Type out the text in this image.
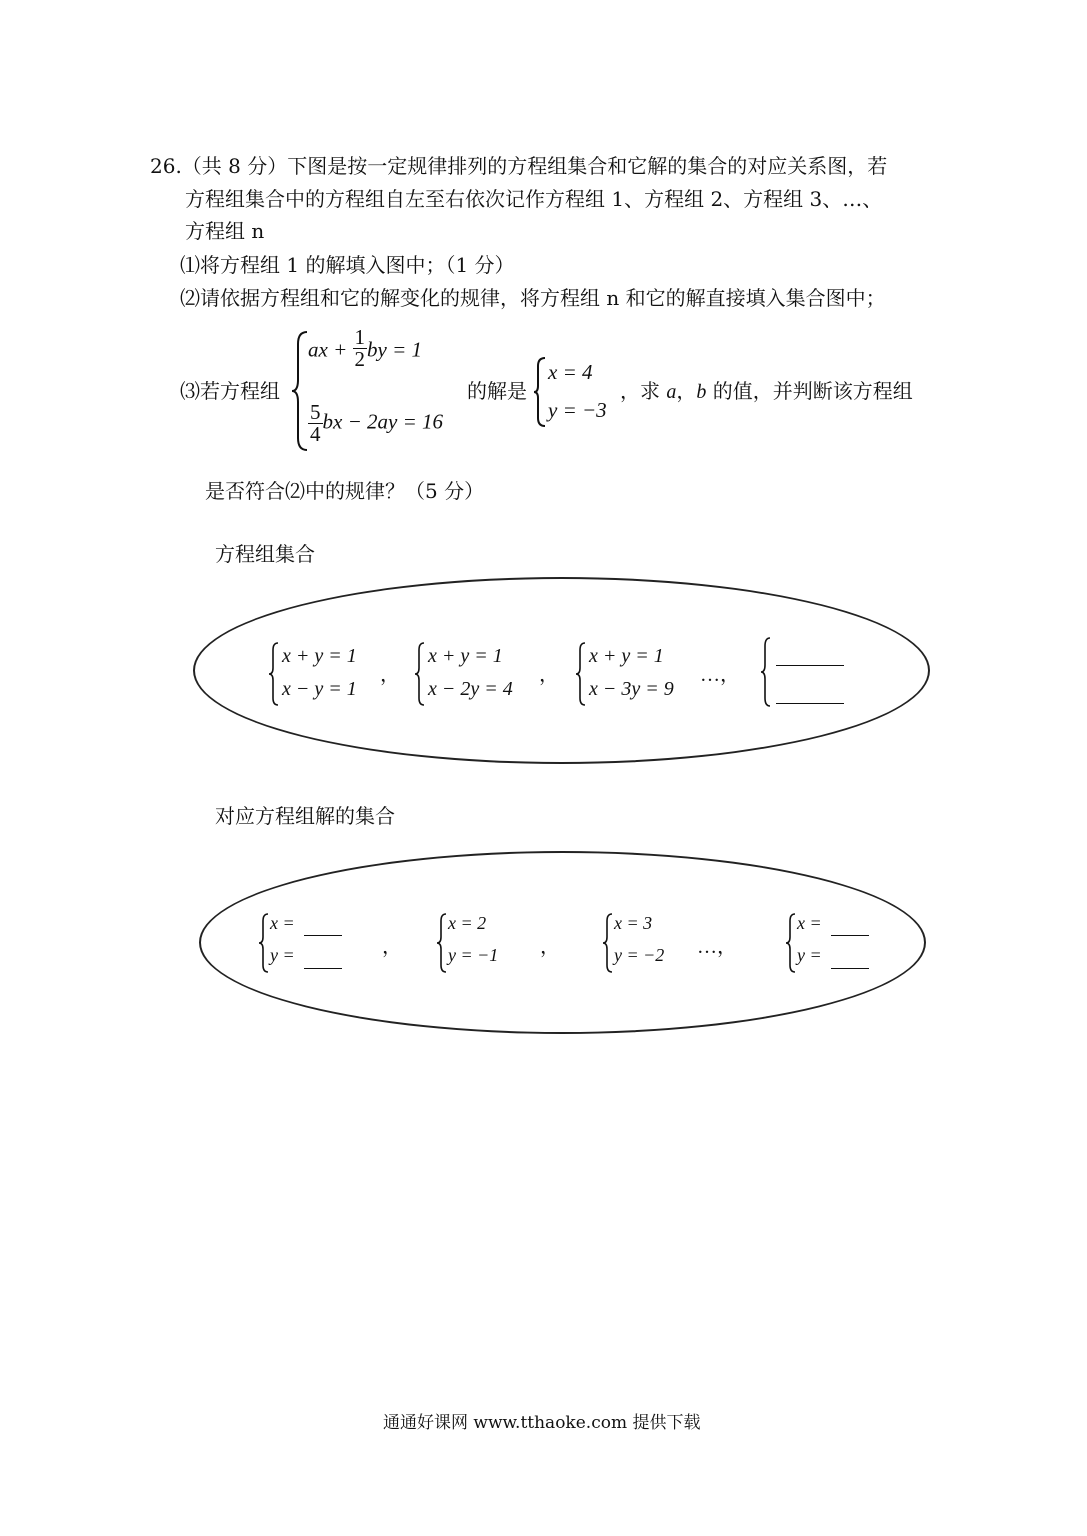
26.（共 8 分）下图是按一定规律排列的方程组集合和它解的集合的对应关系图，若
方程组集合中的方程组自左至右依次记作方程组 1、方程组 2、方程组 3、…、
方程组 n
⑴将方程组 1 的解填入图中；（1 分）
⑵请依据方程组和它的解变化的规律，将方程组 n 和它的解直接填入集合图中；
⑶若方程组
ax + $\frac{1}{2}$ by = 1
$\frac{5}{4}$ bx − 2ay = 16
的解是
x = 4
y = −3
，求 a，b 的值，并判断该方程组
是否符合⑵中的规律？（5 分）
方程组集合
x + y = 1
x − y = 1
，
x + y = 1
x − 2y = 4
，
x + y = 1
x − 3y = 9
…，
对应方程组解的集合
x =
y =	，
x = 2
y = −1 ，
x = 3
y = −2 …，
x =
y =
通通好课网 www.tthaoke.com 提供下载
